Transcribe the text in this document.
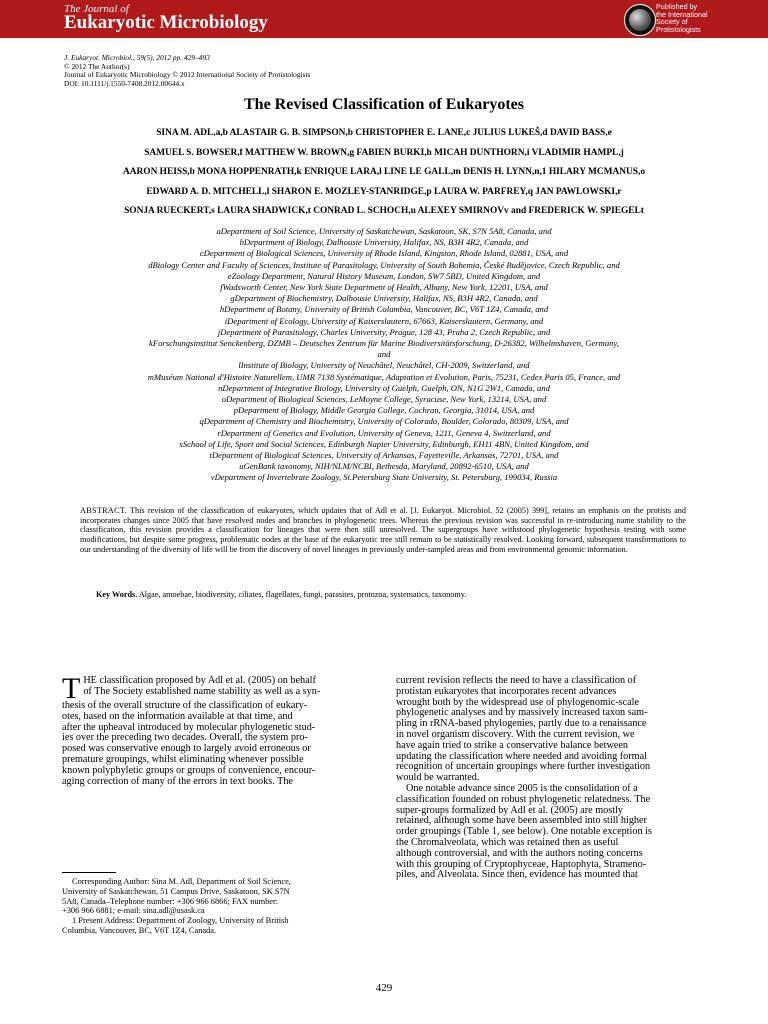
The Journal of
Eukaryotic Microbiology
Published by
the International
Society of
Protistologists
J. Eukaryot. Microbiol., 59(5), 2012 pp. 429–493
© 2012 The Author(s)
Journal of Eukaryotic Microbiology © 2012 International Society of Protistologists
DOI: 10.1111/j.1550-7408.2012.00644.x
The Revised Classification of Eukaryotes
SINA M. ADL,a,b ALASTAIR G. B. SIMPSON,b CHRISTOPHER E. LANE,c JULIUS LUKEŠ,d DAVID BASS,e
SAMUEL S. BOWSER,f MATTHEW W. BROWN,g FABIEN BURKI,h MICAH DUNTHORN,i VLADIMIR HAMPL,j
AARON HEISS,b MONA HOPPENRATH,k ENRIQUE LARA,l LINE LE GALL,m DENIS H. LYNN,n,1 HILARY MCMANUS,o
EDWARD A. D. MITCHELL,l SHARON E. MOZLEY-STANRIDGE,p LAURA W. PARFREY,q JAN PAWLOWSKI,r
SONJA RUECKERT,s LAURA SHADWICK,t CONRAD L. SCHOCH,u ALEXEY SMIRNOVv and FREDERICK W. SPIEGELt
aDepartment of Soil Science, University of Saskatchewan, Saskatoon, SK, S7N 5A8, Canada, and
bDepartment of Biology, Dalhousie University, Halifax, NS, B3H 4R2, Canada, and
cDepartment of Biological Sciences, University of Rhode Island, Kingston, Rhode Island, 02881, USA, and
dBiology Center and Faculty of Sciences, Institute of Parasitology, University of South Bohemia, České Budějovice, Czech Republic, and
eZoology Department, Natural History Museum, London, SW7 5BD, United Kingdom, and
fWadsworth Center, New York State Department of Health, Albany, New York, 12201, USA, and
gDepartment of Biochemistry, Dalhousie University, Halifax, NS, B3H 4R2, Canada, and
hDepartment of Botany, University of British Columbia, Vancouver, BC, V6T 1Z4, Canada, and
iDepartment of Ecology, University of Kaiserslautern, 67663, Kaiserslautern, Germany, and
jDepartment of Parasitology, Charles University, Prague, 128 43, Praha 2, Czech Republic, and
kForschungsinstitut Senckenberg, DZMB – Deutsches Zentrum für Marine Biodiversitätsforschung, D-26382, Wilhelmshaven, Germany,
and
lInstitute of Biology, University of Neuchâtel, Neuchâtel, CH-2009, Switzerland, and
mMuséum National d'Histoire Naturellem, UMR 7138 Systématique, Adaptation et Evolution, Paris, 75231, Cedex Paris 05, France, and
nDepartment of Integrative Biology, University of Guelph, Guelph, ON, N1G 2W1, Canada, and
oDepartment of Biological Sciences, LeMoyne College, Syracuse, New York, 13214, USA, and
pDepartment of Biology, Middle Georgia College, Cochran, Georgia, 31014, USA, and
qDepartment of Chemistry and Biochemistry, University of Colorado, Boulder, Colorado, 80309, USA, and
rDepartment of Genetics and Evolution, University of Geneva, 1211, Geneva 4, Switzerland, and
sSchool of Life, Sport and Social Sciences, Edinburgh Napier University, Edinburgh, EH11 4BN, United Kingdom, and
tDepartment of Biological Sciences, University of Arkansas, Fayetteville, Arkansas, 72701, USA, and
uGenBank taxonomy, NIH/NLM/NCBI, Bethesda, Maryland, 20892-6510, USA, and
vDepartment of Invertebrate Zoology, St.Petersburg State University, St. Petersburg, 199034, Russia
ABSTRACT. This revision of the classification of eukaryotes, which updates that of Adl et al. [J. Eukaryot. Microbiol. 52 (2005) 399], retains an emphasis on the protists and incorporates changes since 2005 that have resolved nodes and branches in phylogenetic trees. Whereas the previous revision was successful in re-introducing name stability to the classification, this revision provides a classification for lineages that were then still unresolved. The supergroups have withstood phylogenetic hypothesis testing with some modifications, but despite some progress, problematic nodes at the base of the eukaryotic tree still remain to be statistically resolved. Looking forward, subsequent transformations to our understanding of the diversity of life will be from the discovery of novel lineages in previously under-sampled areas and from environmental genomic information.
Key Words. Algae, amoebae, biodiversity, ciliates, flagellates, fungi, parasites, protozoa, systematics, taxonomy.
T HE classification proposed by Adl et al. (2005) on behalf
of The Society established name stability as well as a syn-
thesis of the overall structure of the classification of eukary-
otes, based on the information available at that time, and
after the upheaval introduced by molecular phylogenetic stud-
ies over the preceding two decades. Overall, the system pro-
posed was conservative enough to largely avoid erroneous or
premature groupings, whilst eliminating whenever possible
known polyphyletic groups or groups of convenience, encour-
aging correction of many of the errors in text books. The
Corresponding Author: Sina M. Adl, Department of Soil Science,
University of Saskatchewan, 51 Campus Drive, Saskatoon, SK S7N
5A8, Canada–Telephone number: +306 966 6866; FAX number:
+306 966 6881; e-mail: sina.adl@usask.ca
1 Present Address: Department of Zoology, University of British
Columbia, Vancouver, BC, V6T 1Z4, Canada.
current revision reflects the need to have a classification of
protistan eukaryotes that incorporates recent advances
wrought both by the widespread use of phylogenomic-scale
phylogenetic analyses and by massively increased taxon sam-
pling in rRNA-based phylogenies, partly due to a renaissance
in novel organism discovery. With the current revision, we
have again tried to strike a conservative balance between
updating the classification where needed and avoiding formal
recognition of uncertain groupings where further investigation
would be warranted.
One notable advance since 2005 is the consolidation of a
classification founded on robust phylogenetic relatedness. The
super-groups formalized by Adl et al. (2005) are mostly
retained, although some have been assembled into still higher
order groupings (Table 1, see below). One notable exception is
the Chromalveolata, which was retained then as useful
although controversial, and with the authors noting concerns
with this grouping of Cryptophyceae, Haptophyta, Strameno-
piles, and Alveolata. Since then, evidence has mounted that
429
